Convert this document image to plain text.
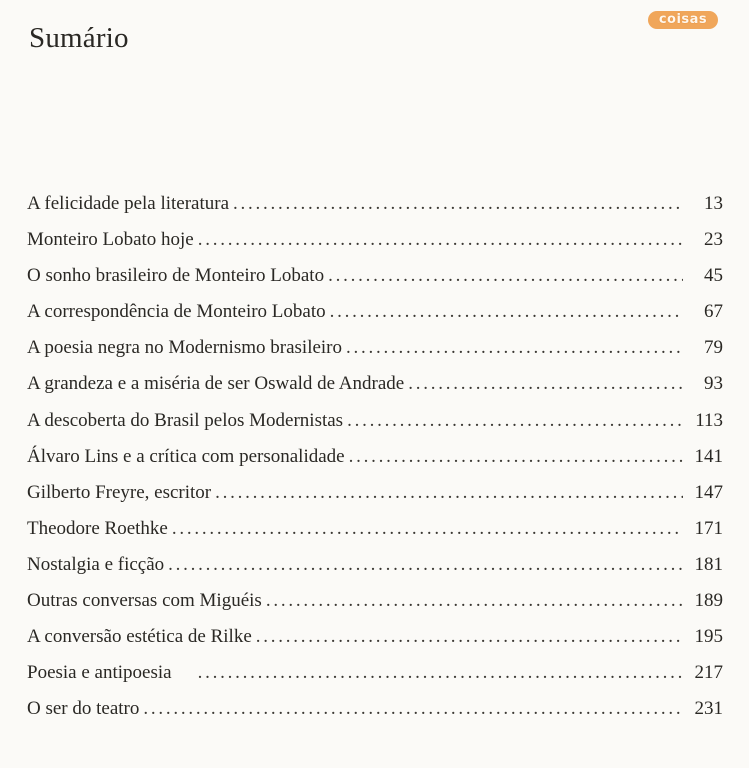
Sumário
coisas
A felicidade pela literatura . . .	13
Monteiro Lobato hoje . . .	23
O sonho brasileiro de Monteiro Lobato . . .	45
A correspondência de Monteiro Lobato . . .	67
A poesia negra no Modernismo brasileiro . . .	79
A grandeza e a miséria de ser Oswald de Andrade . . .	93
A descoberta do Brasil pelos Modernistas . . .	113
Álvaro Lins e a crítica com personalidade . . .	141
Gilberto Freyre, escritor . . .	147
Theodore Roethke . . .	171
Nostalgia e ficção . . .	181
Outras conversas com Miguéis . . .	189
A conversão estética de Rilke . . .	195
Poesia e antipoesia . . .	217
O ser do teatro . . .	231
